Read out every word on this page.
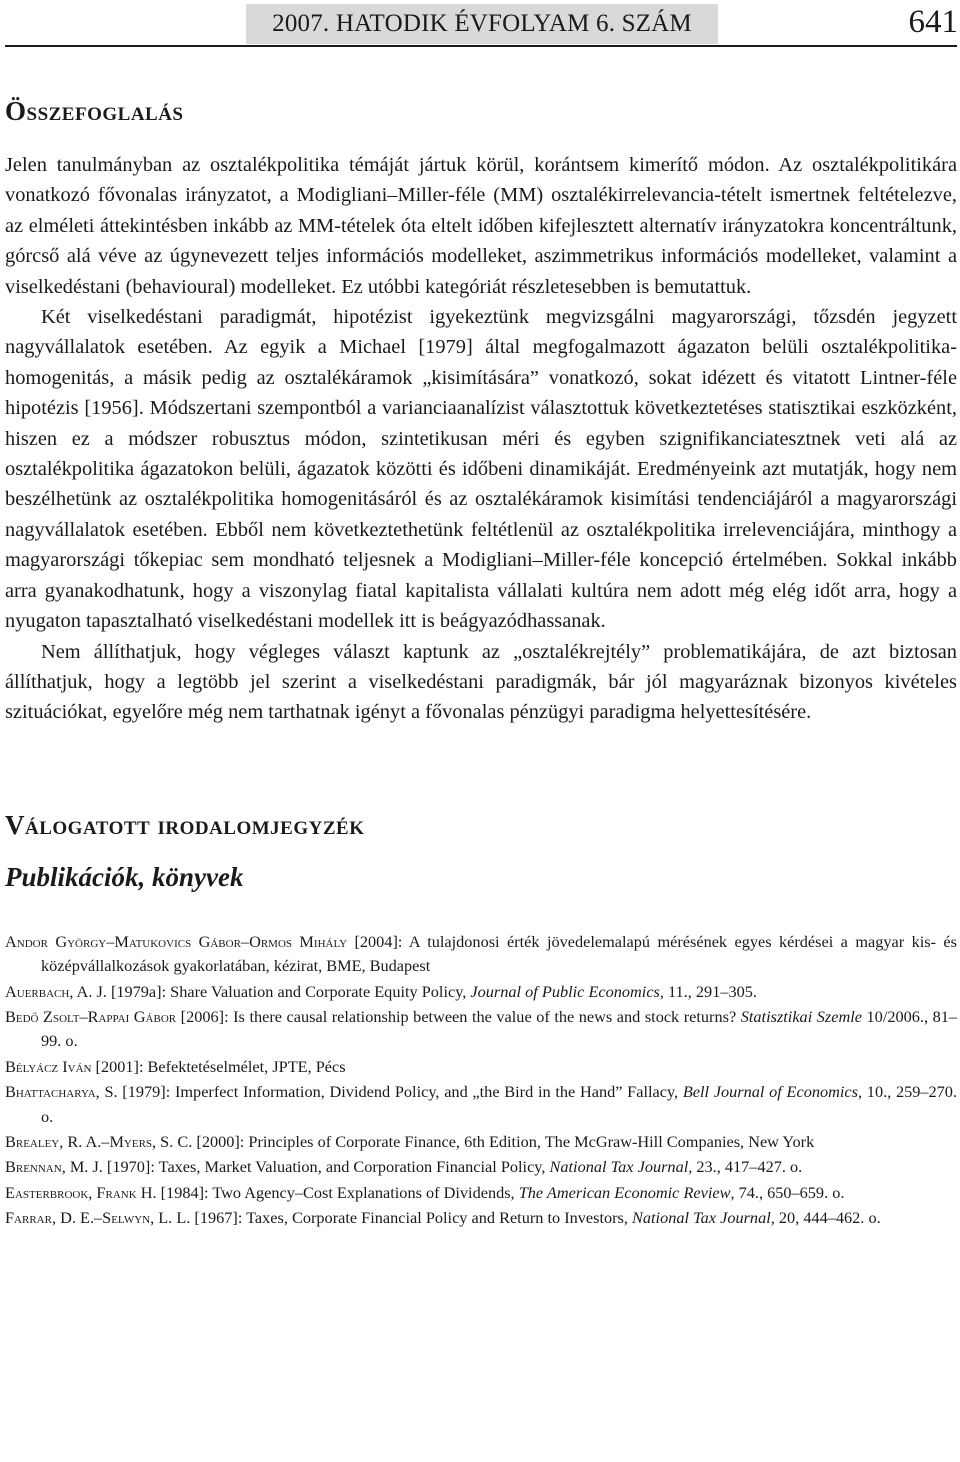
2007. HATODIK ÉVFOLYAM 6. SZÁM	641
Összefoglalás

Jelen tanulmányban az osztalékpolitika témáját jártuk körül, korántsem kimerítő módon. Az osztalékpolitikára vonatkozó fővonalas irányzatot, a Modigliani–Miller-féle (MM) osztalékirrelevancia-tételt ismertnek feltételezve, az elméleti áttekintésben inkább az MM-tételek óta eltelt időben kifejlesztett alternatív irányzatokra koncentráltunk, górcső alá véve az úgynevezett teljes információs modelleket, aszimmetrikus információs modelleket, valamint a viselkedéstani (behavioural) modelleket. Ez utóbbi kategóriát részletesebben is bemutattuk.

Két viselkedéstani paradigmát, hipotézist igyekeztünk megvizsgálni magyarországi, tőzsdén jegyzett nagyvállalatok esetében. Az egyik a Michael [1979] által megfogalmazott ágazaton belüli osztalékpolitika-homogenitás, a másik pedig az osztalékáramok „kisimítására” vonatkozó, sokat idézett és vitatott Lintner-féle hipotézis [1956]. Módszertani szempontból a varianciaanalízist választottuk következtetéses statisztikai eszközként, hiszen ez a módszer robusztus módon, szintetikusan méri és egyben szignifikanciatesztnek veti alá az osztalékpolitika ágazatokon belüli, ágazatok közötti és időbeni dinamikáját. Eredményeink azt mutatják, hogy nem beszélhetünk az osztalékpolitika homogenitásáról és az osztalékáramok kisimítási tendenciájáról a magyarországi nagyvállalatok esetében. Ebből nem következtethetünk feltétlenül az osztalékpolitika irrelevenciájára, minthogy a magyarországi tőkepiac sem mondható teljesnek a Modigliani–Miller-féle koncepció értelmében. Sokkal inkább arra gyanakodhatunk, hogy a viszonylag fiatal kapitalista vállalati kultúra nem adott még elég időt arra, hogy a nyugaton tapasztalható viselkedéstani modellek itt is beágyazódhassanak.

Nem állíthatjuk, hogy végleges választ kaptunk az „osztalékrejtély” problematikájára, de azt biztosan állíthatjuk, hogy a legtöbb jel szerint a viselkedéstani paradigmák, bár jól magyaráznak bizonyos kivételes szituációkat, egyelőre még nem tarthatnak igényt a fővonalas pénzügyi paradigma helyettesítésére.

Válogatott irodalomjegyzék
Publikációk, könyvek

Andor György–Matukovics Gábor–Ormos Mihály [2004]: A tulajdonosi érték jövedelemalapú mérésének egyes kérdései a magyar kis- és középvállalkozások gyakorlatában, kézirat, BME, Budapest

Auerbach, A. J. [1979a]: Share Valuation and Corporate Equity Policy, Journal of Public Economics, 11., 291–305.

Bedő Zsolt–Rappai Gábor [2006]: Is there causal relationship between the value of the news and stock returns? Statisztikai Szemle 10/2006., 81–99. o.

Bélyácz Iván [2001]: Befektetéselmélet, JPTE, Pécs

Bhattacharya, S. [1979]: Imperfect Information, Dividend Policy, and „the Bird in the Hand” Fallacy, Bell Journal of Economics, 10., 259–270. o.

Brealey, R. A.–Myers, S. C. [2000]: Principles of Corporate Finance, 6th Edition, The McGraw-Hill Companies, New York

Brennan, M. J. [1970]: Taxes, Market Valuation, and Corporation Financial Policy, National Tax Journal, 23., 417–427. o.

Easterbrook, Frank H. [1984]: Two Agency–Cost Explanations of Dividends, The American Economic Review, 74., 650–659. o.

Farrar, D. E.–Selwyn, L. L. [1967]: Taxes, Corporate Financial Policy and Return to Investors, National Tax Journal, 20, 444–462. o.
